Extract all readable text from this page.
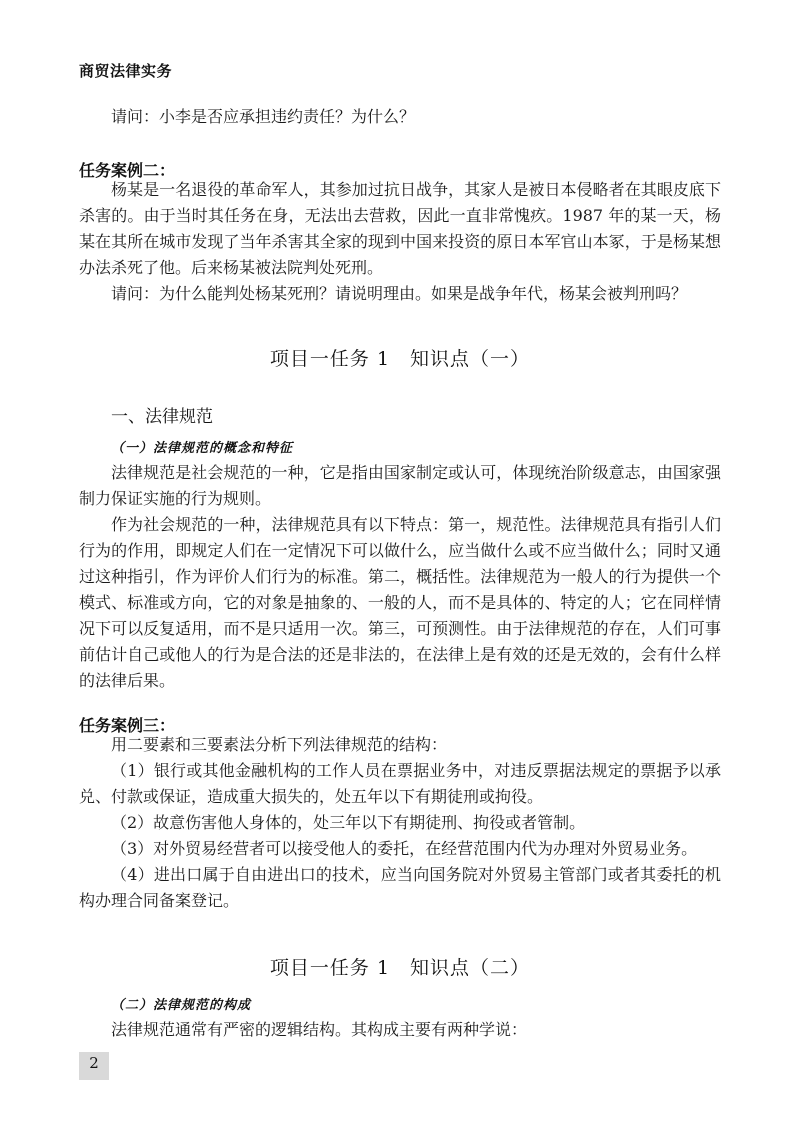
商贸法律实务

请问：小李是否应承担违约责任？为什么？

任务案例二：

杨某是一名退役的革命军人，其参加过抗日战争，其家人是被日本侵略者在其眼皮底下杀害的。由于当时其任务在身，无法出去营救，因此一直非常愧疚。1987 年的某一天，杨某在其所在城市发现了当年杀害其全家的现到中国来投资的原日本军官山本冢，于是杨某想办法杀死了他。后来杨某被法院判处死刑。

请问：为什么能判处杨某死刑？请说明理由。如果是战争年代，杨某会被判刑吗？

项目一任务 1　知识点（一）
一、法律规范
（一）法律规范的概念和特征

法律规范是社会规范的一种，它是指由国家制定或认可，体现统治阶级意志，由国家强制力保证实施的行为规则。

作为社会规范的一种，法律规范具有以下特点：第一，规范性。法律规范具有指引人们行为的作用，即规定人们在一定情况下可以做什么，应当做什么或不应当做什么；同时又通过这种指引，作为评价人们行为的标准。第二，概括性。法律规范为一般人的行为提供一个模式、标准或方向，它的对象是抽象的、一般的人，而不是具体的、特定的人；它在同样情况下可以反复适用，而不是只适用一次。第三，可预测性。由于法律规范的存在，人们可事前估计自己或他人的行为是合法的还是非法的，在法律上是有效的还是无效的，会有什么样的法律后果。

任务案例三：

用二要素和三要素法分析下列法律规范的结构：

（1）银行或其他金融机构的工作人员在票据业务中，对违反票据法规定的票据予以承兑、付款或保证，造成重大损失的，处五年以下有期徒刑或拘役。

（2）故意伤害他人身体的，处三年以下有期徒刑、拘役或者管制。

（3）对外贸易经营者可以接受他人的委托，在经营范围内代为办理对外贸易业务。

（4）进出口属于自由进出口的技术，应当向国务院对外贸易主管部门或者其委托的机构办理合同备案登记。

项目一任务 1　知识点（二）
（二）法律规范的构成

法律规范通常有严密的逻辑结构。其构成主要有两种学说：

2
